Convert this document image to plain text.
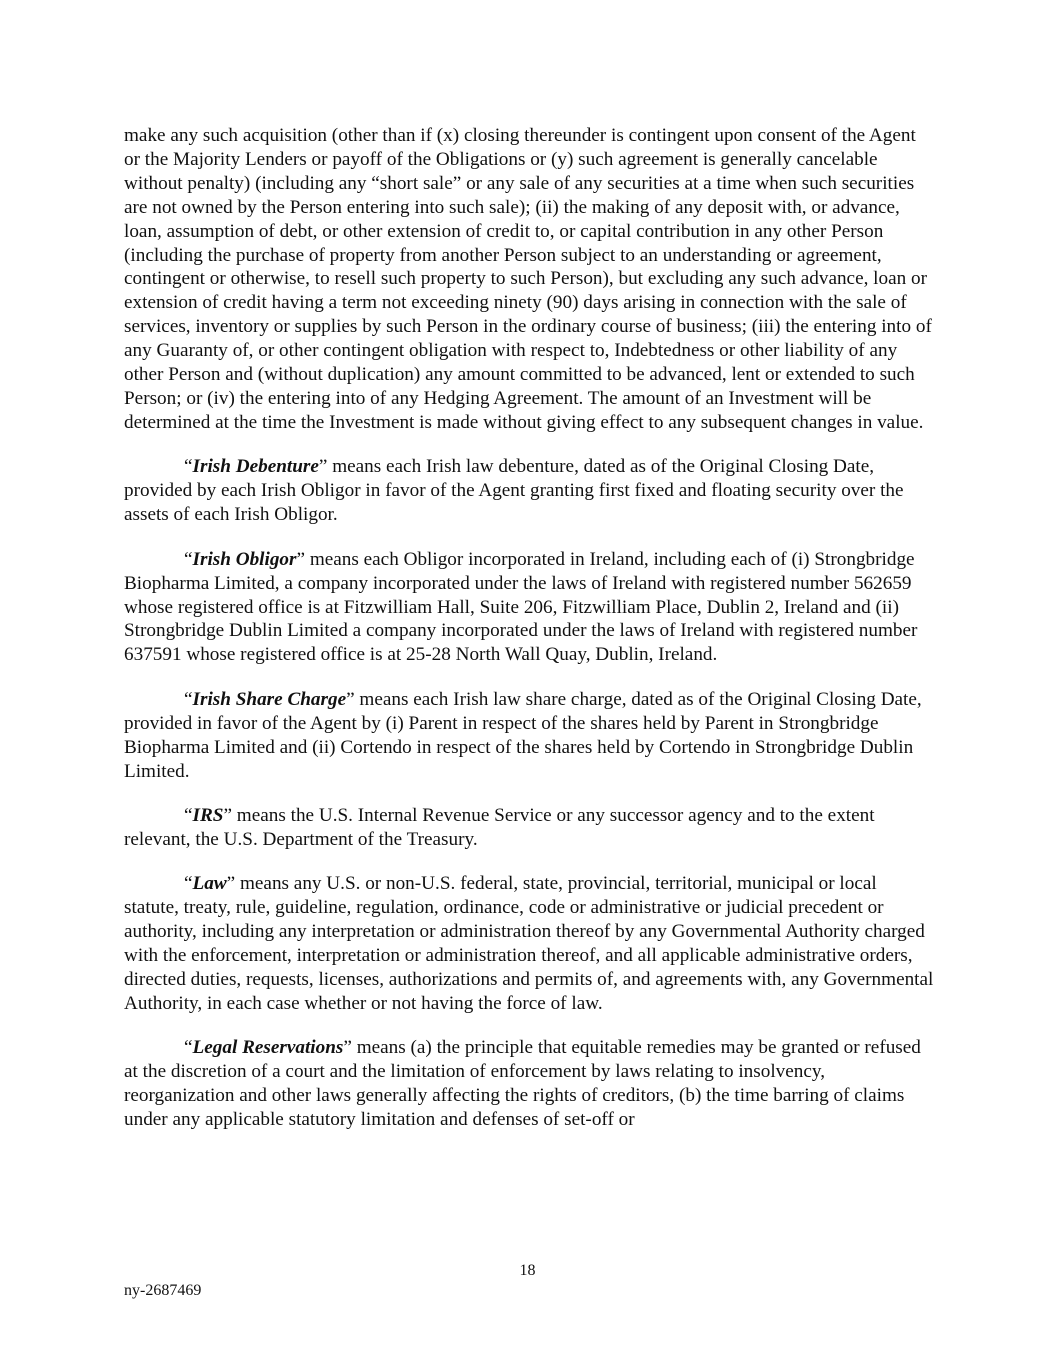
make any such acquisition (other than if (x) closing thereunder is contingent upon consent of the Agent or the Majority Lenders or payoff of the Obligations or (y) such agreement is generally cancelable without penalty) (including any “short sale” or any sale of any securities at a time when such securities are not owned by the Person entering into such sale); (ii) the making of any deposit with, or advance, loan, assumption of debt, or other extension of credit to, or capital contribution in any other Person (including the purchase of property from another Person subject to an understanding or agreement, contingent or otherwise, to resell such property to such Person), but excluding any such advance, loan or extension of credit having a term not exceeding ninety (90) days arising in connection with the sale of services, inventory or supplies by such Person in the ordinary course of business; (iii) the entering into of any Guaranty of, or other contingent obligation with respect to, Indebtedness or other liability of any other Person and (without duplication) any amount committed to be advanced, lent or extended to such Person; or (iv) the entering into of any Hedging Agreement. The amount of an Investment will be determined at the time the Investment is made without giving effect to any subsequent changes in value.

“Irish Debenture” means each Irish law debenture, dated as of the Original Closing Date, provided by each Irish Obligor in favor of the Agent granting first fixed and floating security over the assets of each Irish Obligor.

“Irish Obligor” means each Obligor incorporated in Ireland, including each of (i) Strongbridge Biopharma Limited, a company incorporated under the laws of Ireland with registered number 562659 whose registered office is at Fitzwilliam Hall, Suite 206, Fitzwilliam Place, Dublin 2, Ireland and (ii) Strongbridge Dublin Limited a company incorporated under the laws of Ireland with registered number 637591 whose registered office is at 25-28 North Wall Quay, Dublin, Ireland.

“Irish Share Charge” means each Irish law share charge, dated as of the Original Closing Date, provided in favor of the Agent by (i) Parent in respect of the shares held by Parent in Strongbridge Biopharma Limited and (ii) Cortendo in respect of the shares held by Cortendo in Strongbridge Dublin Limited.

“IRS” means the U.S. Internal Revenue Service or any successor agency and to the extent relevant, the U.S. Department of the Treasury.

“Law” means any U.S. or non-U.S. federal, state, provincial, territorial, municipal or local statute, treaty, rule, guideline, regulation, ordinance, code or administrative or judicial precedent or authority, including any interpretation or administration thereof by any Governmental Authority charged with the enforcement, interpretation or administration thereof, and all applicable administrative orders, directed duties, requests, licenses, authorizations and permits of, and agreements with, any Governmental Authority, in each case whether or not having the force of law.

“Legal Reservations” means (a) the principle that equitable remedies may be granted or refused at the discretion of a court and the limitation of enforcement by laws relating to insolvency, reorganization and other laws generally affecting the rights of creditors, (b) the time barring of claims under any applicable statutory limitation and defenses of set-off or

18
ny-2687469
